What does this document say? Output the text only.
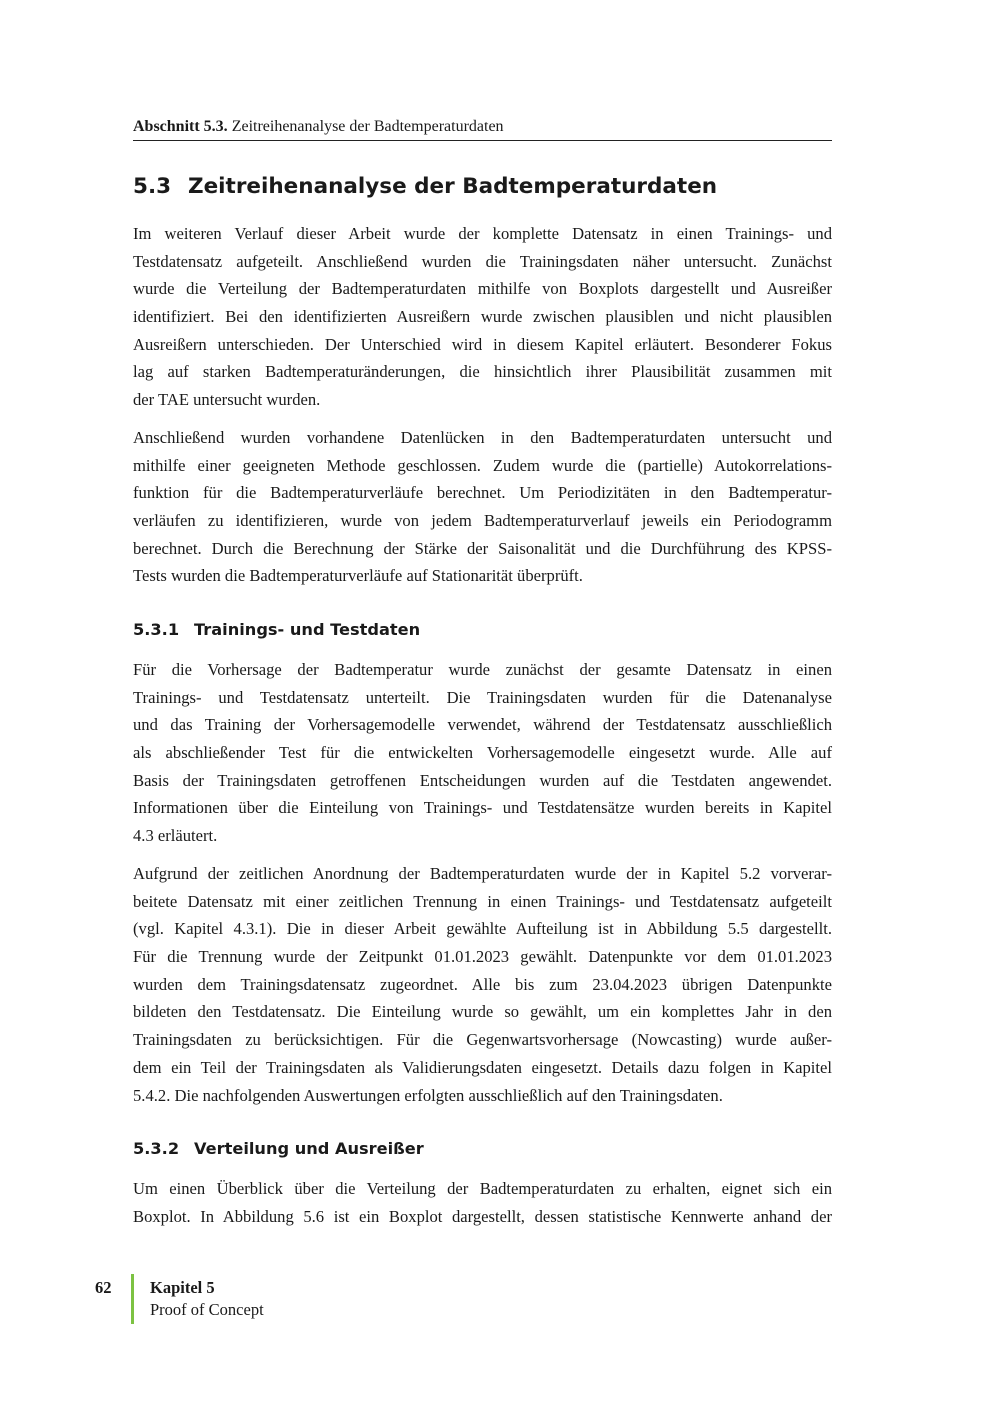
Abschnitt 5.3. Zeitreihenanalyse der Badtemperaturdaten
5.3 Zeitreihenanalyse der Badtemperaturdaten

Im weiteren Verlauf dieser Arbeit wurde der komplette Datensatz in einen Trainings- und
Testdatensatz aufgeteilt. Anschließend wurden die Trainingsdaten näher untersucht. Zunächst
wurde die Verteilung der Badtemperaturdaten mithilfe von Boxplots dargestellt und Ausreißer
identifiziert. Bei den identifizierten Ausreißern wurde zwischen plausiblen und nicht plausiblen
Ausreißern unterschieden. Der Unterschied wird in diesem Kapitel erläutert. Besonderer Fokus
lag auf starken Badtemperaturänderungen, die hinsichtlich ihrer Plausibilität zusammen mit
der TAE untersucht wurden.

Anschließend wurden vorhandene Datenlücken in den Badtemperaturdaten untersucht und
mithilfe einer geeigneten Methode geschlossen. Zudem wurde die (partielle) Autokorrelations-
funktion für die Badtemperaturverläufe berechnet. Um Periodizitäten in den Badtemperatur-
verläufen zu identifizieren, wurde von jedem Badtemperaturverlauf jeweils ein Periodogramm
berechnet. Durch die Berechnung der Stärke der Saisonalität und die Durchführung des KPSS-
Tests wurden die Badtemperaturverläufe auf Stationarität überprüft.

5.3.1 Trainings- und Testdaten

Für die Vorhersage der Badtemperatur wurde zunächst der gesamte Datensatz in einen
Trainings- und Testdatensatz unterteilt. Die Trainingsdaten wurden für die Datenanalyse
und das Training der Vorhersagemodelle verwendet, während der Testdatensatz ausschließlich
als abschließender Test für die entwickelten Vorhersagemodelle eingesetzt wurde. Alle auf
Basis der Trainingsdaten getroffenen Entscheidungen wurden auf die Testdaten angewendet.
Informationen über die Einteilung von Trainings- und Testdatensätze wurden bereits in Kapitel
4.3 erläutert.

Aufgrund der zeitlichen Anordnung der Badtemperaturdaten wurde der in Kapitel 5.2 vorverar-
beitete Datensatz mit einer zeitlichen Trennung in einen Trainings- und Testdatensatz aufgeteilt
(vgl. Kapitel 4.3.1). Die in dieser Arbeit gewählte Aufteilung ist in Abbildung 5.5 dargestellt.
Für die Trennung wurde der Zeitpunkt 01.01.2023 gewählt. Datenpunkte vor dem 01.01.2023
wurden dem Trainingsdatensatz zugeordnet. Alle bis zum 23.04.2023 übrigen Datenpunkte
bildeten den Testdatensatz. Die Einteilung wurde so gewählt, um ein komplettes Jahr in den
Trainingsdaten zu berücksichtigen. Für die Gegenwartsvorhersage (Nowcasting) wurde außer-
dem ein Teil der Trainingsdaten als Validierungsdaten eingesetzt. Details dazu folgen in Kapitel
5.4.2. Die nachfolgenden Auswertungen erfolgten ausschließlich auf den Trainingsdaten.

5.3.2 Verteilung und Ausreißer

Um einen Überblick über die Verteilung der Badtemperaturdaten zu erhalten, eignet sich ein
Boxplot. In Abbildung 5.6 ist ein Boxplot dargestellt, dessen statistische Kennwerte anhand der

62 Kapitel 5
Proof of Concept
